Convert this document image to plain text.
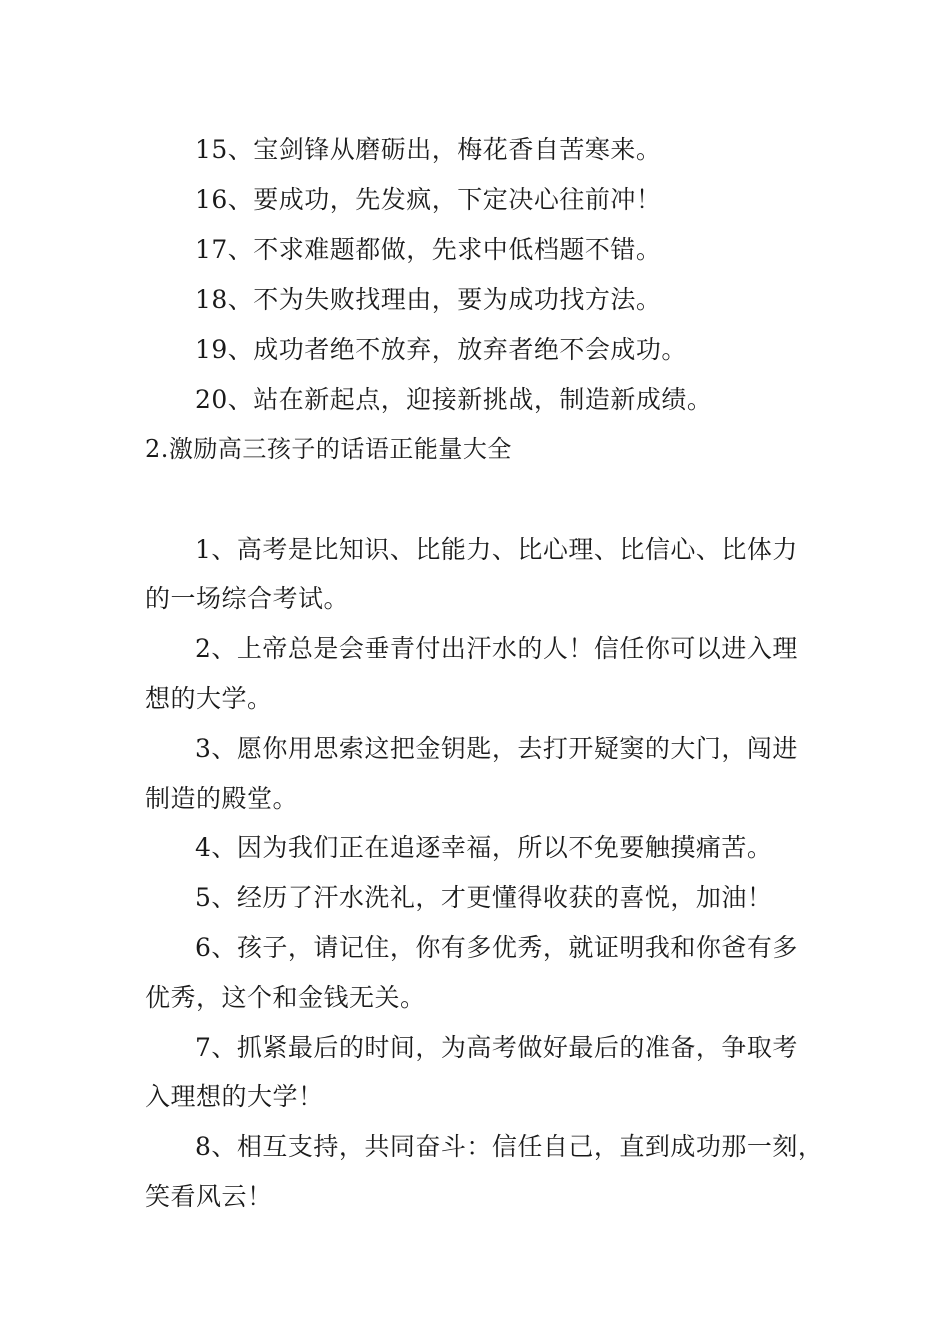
15、宝剑锋从磨砺出，梅花香自苦寒来。
16、要成功，先发疯，下定决心往前冲！
17、不求难题都做，先求中低档题不错。
18、不为失败找理由，要为成功找方法。
19、成功者绝不放弃，放弃者绝不会成功。
20、站在新起点，迎接新挑战，制造新成绩。
2.激励高三孩子的话语正能量大全
1、高考是比知识、比能力、比心理、比信心、比体力
的一场综合考试。
2、上帝总是会垂青付出汗水的人！信任你可以进入理
想的大学。
3、愿你用思索这把金钥匙，去打开疑窦的大门，闯进
制造的殿堂。
4、因为我们正在追逐幸福，所以不免要触摸痛苦。
5、经历了汗水洗礼，才更懂得收获的喜悦，加油！
6、孩子，请记住，你有多优秀，就证明我和你爸有多
优秀，这个和金钱无关。
7、抓紧最后的时间，为高考做好最后的准备，争取考
入理想的大学！
8、相互支持，共同奋斗：信任自己，直到成功那一刻，
笑看风云！
